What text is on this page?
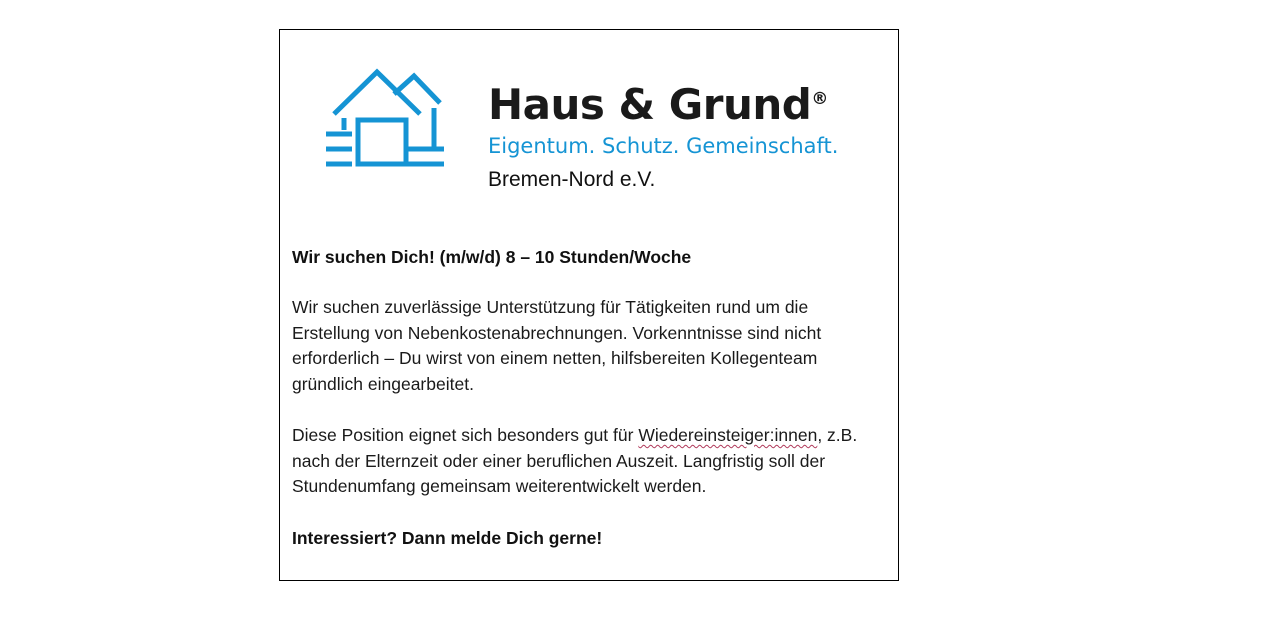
Haus & Grund®
Eigentum. Schutz. Gemeinschaft.
Bremen-Nord e.V.

Wir suchen Dich! (m/w/d) 8 – 10 Stunden/Woche

Wir suchen zuverlässige Unterstützung für Tätigkeiten rund um die Erstellung von Nebenkostenabrechnungen. Vorkenntnisse sind nicht erforderlich – Du wirst von einem netten, hilfsbereiten Kollegenteam gründlich eingearbeitet.

Diese Position eignet sich besonders gut für Wiedereinsteiger:innen, z.B. nach der Elternzeit oder einer beruflichen Auszeit. Langfristig soll der Stundenumfang gemeinsam weiterentwickelt werden.

Interessiert? Dann melde Dich gerne!
